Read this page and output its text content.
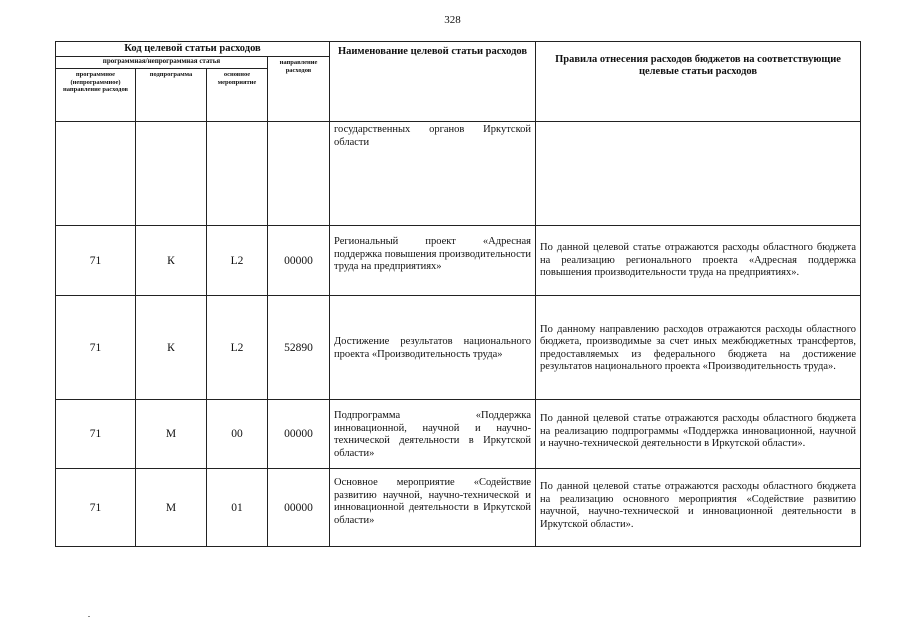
328
Код целевой статьи расходов				Наименование целевой статьи расходов	Правила отнесения расходов бюджетов на соответствующие целевые статьи расходов
программная/непрограммная статья			направление расходов		
программное (непрограммное) направление расходов	подпрограмма	основное мероприятие			
				государственных органов Иркутской области	
71	К	L2	00000	Региональный проект «Адресная поддержка повышения производительности труда на предприятиях»	По данной целевой статье отражаются расходы областного бюджета на реализацию регионального проекта «Адресная поддержка повышения производительности труда на предприятиях».
71	К	L2	52890	Достижение результатов национального проекта «Производительность труда»	По данному направлению расходов отражаются расходы областного бюджета, производимые за счет иных межбюджетных трансфертов, предоставляемых из федерального бюджета на достижение результатов национального проекта «Производительность труда».
71	М	00	00000	Подпрограмма «Поддержка инновационной, научной и научно-технической деятельности в Иркутской области»	По данной целевой статье отражаются расходы областного бюджета на реализацию подпрограммы «Поддержка инновационной, научной и научно-технической деятельности в Иркутской области».
71	М	01	00000	Основное мероприятие «Содействие развитию научной, научно-технической и инновационной деятельности в Иркутской области»	По данной целевой статье отражаются расходы областного бюджета на реализацию основного мероприятия «Содействие развитию научной, научно-технической и инновационной деятельности в Иркутской области».
